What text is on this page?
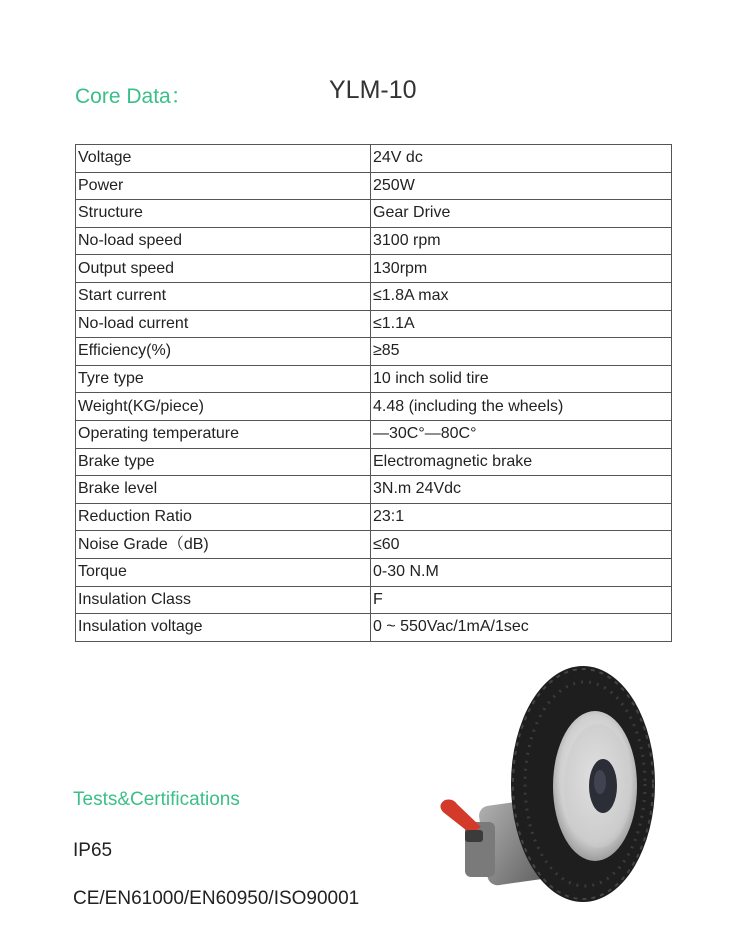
Core Data：	YLM-10
Voltage	24V dc
Power	250W
Structure	Gear Drive
No-load speed	3100 rpm
Output speed	130rpm
Start current	≤1.8A max
No-load current	≤1.1A
Efficiency(%)	≥85
Tyre type	10 inch solid tire
Weight(KG/piece)	4.48 (including the wheels)
Operating temperature	—30C°—80C°
Brake type	Electromagnetic brake
Brake level	3N.m 24Vdc
Reduction Ratio	23:1
Noise Grade（dB)	≤60
Torque	0-30 N.M
Insulation Class	F
Insulation voltage	0 ~ 550Vac/1mA/1sec
Tests&Certifications
IP65
CE/EN61000/EN60950/ISO90001
